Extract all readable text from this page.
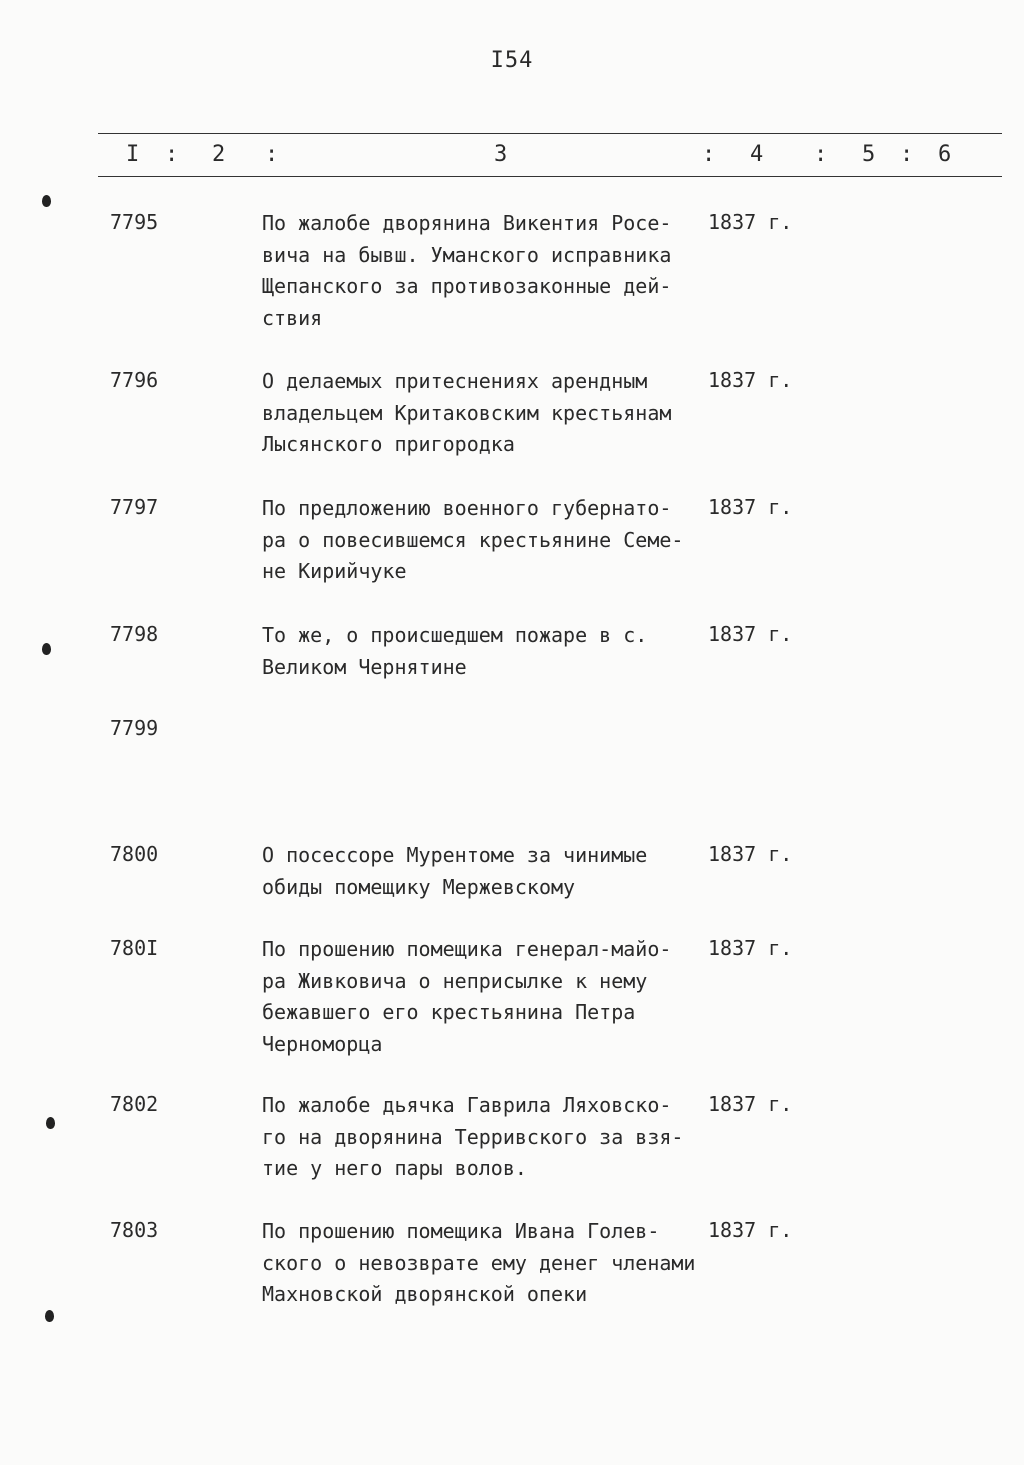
I54
I : 2 :	3	: 4 : 5 : 6
7795	По жалобе дворянина Викентия Росе-
вича на бывш. Уманского исправника
Щепанского за противозаконные дей-
ствия
1837 г.
7796	О делаемых притеснениях арендным
владельцем Критаковским крестьянам
Лысянского пригородка
1837 г.
7797	По предложению военного губернато-
ра о повесившемся крестьянине Семе-
не Кирийчуке
1837 г.
7798	То же, о происшедшем пожаре в с.
Великом Чернятине
1837 г.
7799
7800	О посессоре Мурентоме за чинимые
обиды помещику Мержевскому
1837 г.
780I	По прошению помещика генерал-майо-
ра Живковича о неприсылке к нему
бежавшего его крестьянина Петра
Черноморца
1837 г.
7802	По жалобе дьячка Гаврила Ляховско-
го на дворянина Терривского за взя-
тие у него пары волов.
1837 г.
7803	По прошению помещика Ивана Голев-
ского о невозврате ему денег членами
Махновской дворянской опеки
1837 г.
